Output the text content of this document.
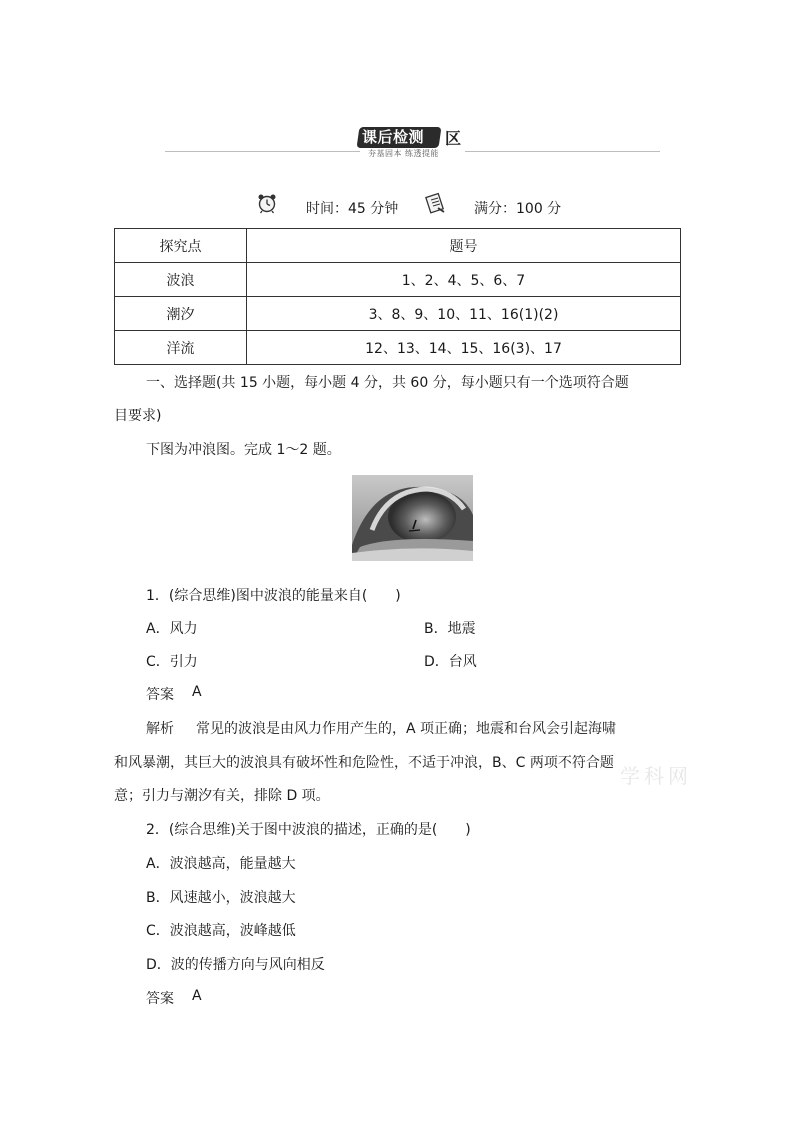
课后检测 区
夯基固本 练透提能
时间：45 分钟	满分：100 分
探究点	题号
波浪	1、2、4、5、6、7
潮汐	3、8、9、10、11、16(1)(2)
洋流	12、13、14、15、16(3)、17
一、选择题(共 15 小题，每小题 4 分，共 60 分，每小题只有一个选项符合题
目要求)
下图为冲浪图。完成 1～2 题。
1．(综合思维)图中波浪的能量来自(　　)
A．风力	B．地震
C．引力	D．台风
答案 A
解析 常见的波浪是由风力作用产生的，A 项正确；地震和台风会引起海啸
和风暴潮，其巨大的波浪具有破坏性和危险性，不适于冲浪，B、C 两项不符合题
意；引力与潮汐有关，排除 D 项。
学科网
2．(综合思维)关于图中波浪的描述，正确的是(　　)
A．波浪越高，能量越大
B．风速越小，波浪越大
C．波浪越高，波峰越低
D．波的传播方向与风向相反
答案 A
